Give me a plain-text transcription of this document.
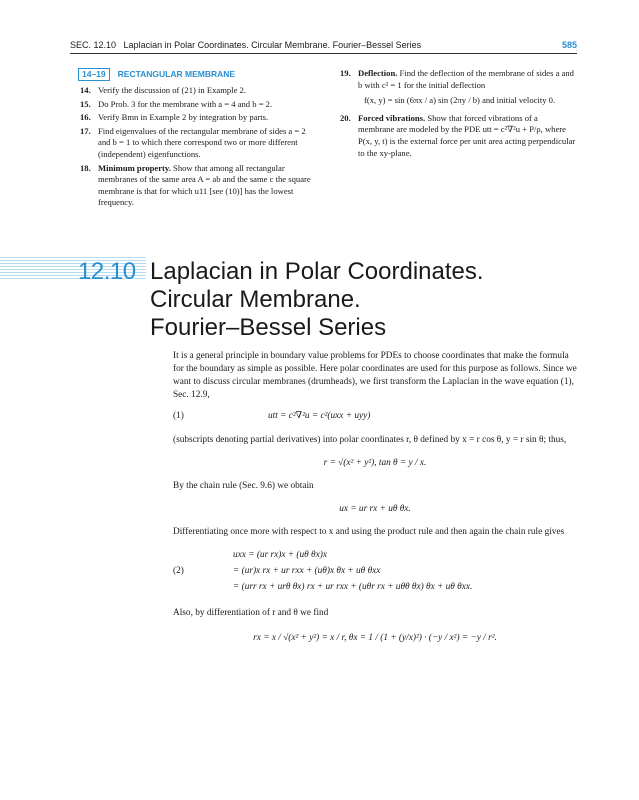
SEC. 12.10 Laplacian in Polar Coordinates. Circular Membrane. Fourier–Bessel Series	585
14–19	RECTANGULAR MEMBRANE
14. Verify the discussion of (21) in Example 2.
15. Do Prob. 3 for the membrane with a = 4 and b = 2.
16. Verify Bmn in Example 2 by integration by parts.
17. Find eigenvalues of the rectangular membrane of sides a = 2 and b = 1 to which there correspond two or more different (independent) eigenfunctions.
18. Minimum property. Show that among all rectangular membranes of the same area A = ab and the same c the square membrane is that for which u11 [see (10)] has the lowest frequency.
19. Deflection. Find the deflection of the membrane of sides a and b with c² = 1 for the initial deflection
f(x, y) = sin (6πx / a) sin (2πy / b) and initial velocity 0.
20. Forced vibrations. Show that forced vibrations of a membrane are modeled by the PDE utt = c²∇²u + P/ρ, where P(x, y, t) is the external force per unit area acting perpendicular to the xy-plane.
12.10 Laplacian in Polar Coordinates.
Circular Membrane.
Fourier–Bessel Series

It is a general principle in boundary value problems for PDEs to choose coordinates that make the formula for the boundary as simple as possible. Here polar coordinates are used for this purpose as follows. Since we want to discuss circular membranes (drumheads), we first transform the Laplacian in the wave equation (1), Sec. 12.9,

(1)	utt = c²∇²u = c²(uxx + uyy)

(subscripts denoting partial derivatives) into polar coordinates r, θ defined by x = r cos θ, y = r sin θ; thus,

r = √(x² + y²), tan θ = y / x.

By the chain rule (Sec. 9.6) we obtain

ux = ur rx + uθ θx.

Differentiating once more with respect to x and using the product rule and then again the chain rule gives

(2)
uxx = (ur rx)x + (uθ θx)x
= (ur)x rx + ur rxx + (uθ)x θx + uθ θxx
= (urr rx + urθ θx) rx + ur rxx + (uθr rx + uθθ θx) θx + uθ θxx.

Also, by differentiation of r and θ we find

rx = x / √(x² + y²) = x / r, θx = 1 / (1 + (y/x)²) · (−y / x²) = −y / r².
